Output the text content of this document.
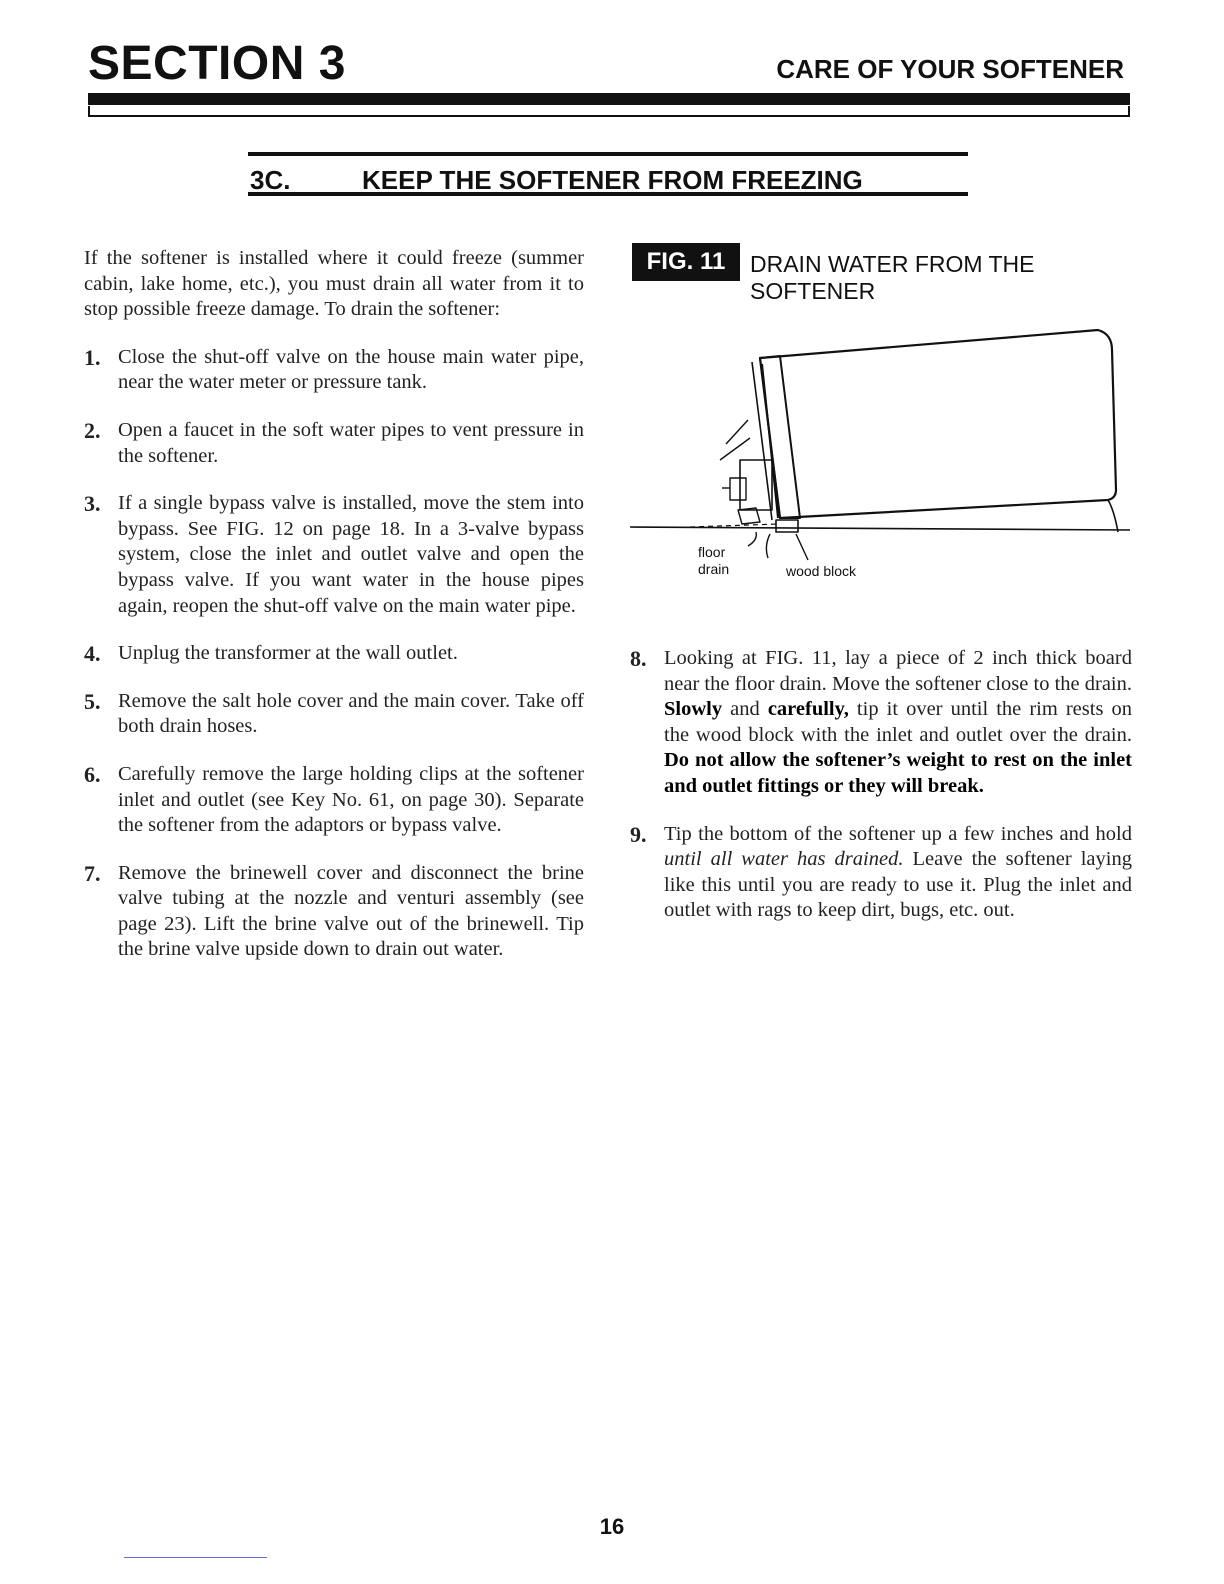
SECTION 3	CARE OF YOUR SOFTENER
3C.	KEEP THE SOFTENER FROM FREEZING

If the softener is installed where it could freeze (summer cabin, lake home, etc.), you must drain all water from it to stop possible freeze damage. To drain the softener:

1. Close the shut-off valve on the house main water pipe, near the water meter or pressure tank.
2. Open a faucet in the soft water pipes to vent pressure in the softener.
3. If a single bypass valve is installed, move the stem into bypass. See FIG. 12 on page 18. In a 3-valve bypass system, close the inlet and outlet valve and open the bypass valve. If you want water in the house pipes again, reopen the shut-off valve on the main water pipe.
4. Unplug the transformer at the wall outlet.
5. Remove the salt hole cover and the main cover. Take off both drain hoses.
6. Carefully remove the large holding clips at the softener inlet and outlet (see Key No. 61, on page 30). Separate the softener from the adaptors or bypass valve.
7. Remove the brinewell cover and disconnect the brine valve tubing at the nozzle and venturi assembly (see page 23). Lift the brine valve out of the brinewell. Tip the brine valve upside down to drain out water.
FIG. 11	DRAIN WATER FROM THE SOFTENER
floor
drain	wood block
8. Looking at FIG. 11, lay a piece of 2 inch thick board near the floor drain. Move the softener close to the drain. Slowly and carefully, tip it over until the rim rests on the wood block with the inlet and outlet over the drain. Do not allow the softener’s weight to rest on the inlet and outlet fittings or they will break.
9. Tip the bottom of the softener up a few inches and hold until all water has drained. Leave the softener laying like this until you are ready to use it. Plug the inlet and outlet with rags to keep dirt, bugs, etc. out.
16
